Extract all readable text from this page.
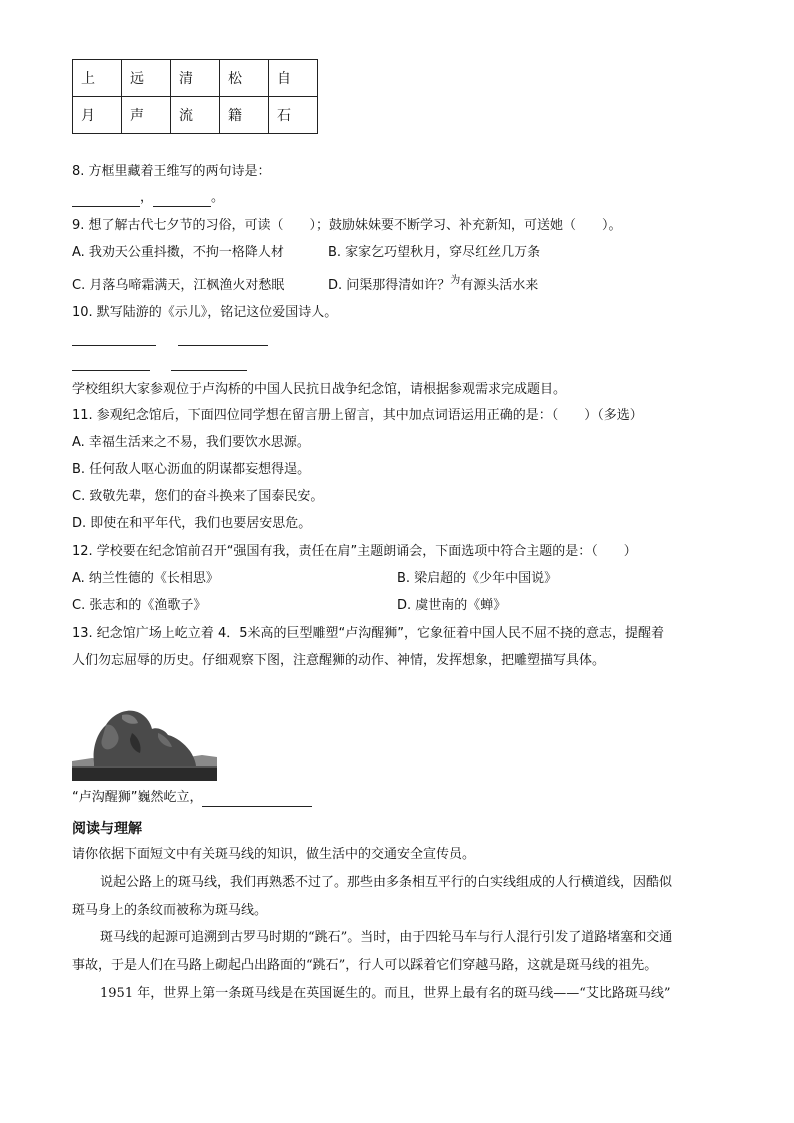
上	远	清	松	自
月	声	流	籍	石
8. 方框里藏着王维写的两句诗是：
，	。
9. 想了解古代七夕节的习俗，可读（　　）；鼓励妹妹要不断学习、补充新知，可送她（　　）。
A. 我劝天公重抖擞，不拘一格降人材	B. 家家乞巧望秋月，穿尽红丝几万条
C. 月落乌啼霜满天，江枫渔火对愁眠	D. 问渠那得清如许？$^为$有源头活水来
10. 默写陆游的《示儿》，铭记这位爱国诗人。
学校组织大家参观位于卢沟桥的中国人民抗日战争纪念馆，请根据参观需求完成题目。
11. 参观纪念馆后，下面四位同学想在留言册上留言，其中加点词语运用正确的是：（　　）（多选）
A. 幸福生活来之不易，我们要饮水思源。
B. 任何敌人呕心沥血的阴谋都妄想得逞。
C. 致敬先辈，您们的奋斗换来了国泰民安。
D. 即使在和平年代，我们也要居安思危。
12. 学校要在纪念馆前召开“强国有我，责任在肩”主题朗诵会，下面选项中符合主题的是：（　　）
A. 纳兰性德的《长相思》	B. 梁启超的《少年中国说》
C. 张志和的《渔歌子》	D. 虞世南的《蝉》
13. 纪念馆广场上屹立着 4．5米高的巨型雕塑“卢沟醒狮”，它象征着中国人民不屈不挠的意志，提醒着
人们勿忘屈辱的历史。仔细观察下图，注意醒狮的动作、神情，发挥想象，把雕塑描写具体。
“卢沟醒狮”巍然屹立，
阅读与理解
请你依据下面短文中有关斑马线的知识，做生活中的交通安全宣传员。
说起公路上的斑马线，我们再熟悉不过了。那些由多条相互平行的白实线组成的人行横道线，因酷似
斑马身上的条纹而被称为斑马线。
斑马线的起源可追溯到古罗马时期的“跳石”。当时，由于四轮马车与行人混行引发了道路堵塞和交通
事故，于是人们在马路上砌起凸出路面的“跳石”，行人可以踩着它们穿越马路，这就是斑马线的祖先。
1951 年，世界上第一条斑马线是在英国诞生的。而且，世界上最有名的斑马线——“艾比路斑马线”
